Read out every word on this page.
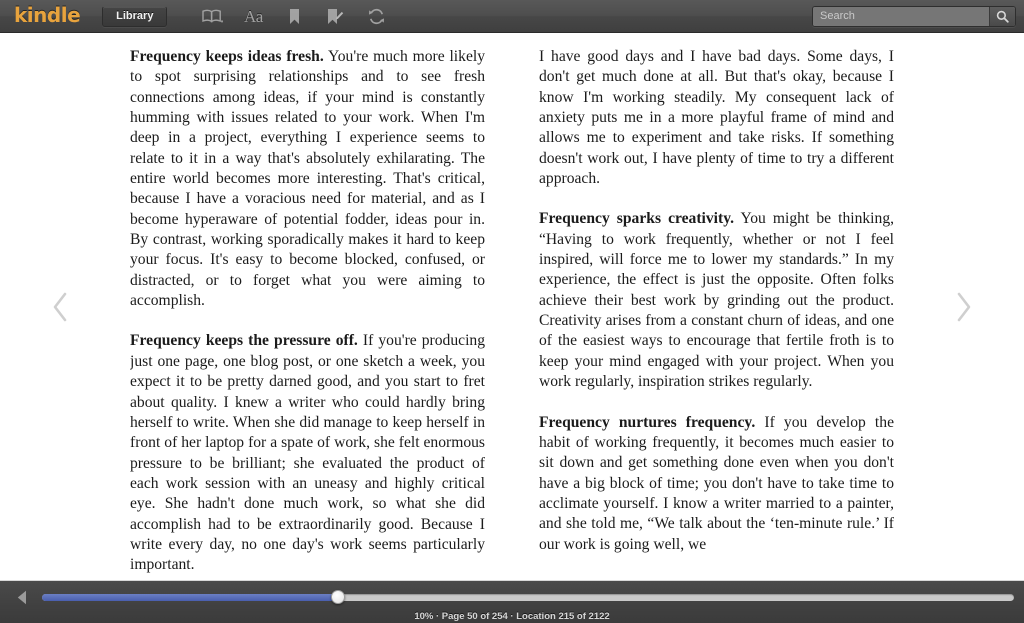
kindle	Library	Aa
Search

Frequency keeps ideas fresh. You're much more likely to spot surprising relationships and to see fresh connections among ideas, if your mind is constantly humming with issues related to your work. When I'm deep in a project, everything I experience seems to relate to it in a way that's absolutely exhilarating. The entire world becomes more interesting. That's critical, because I have a voracious need for material, and as I become hyperaware of potential fodder, ideas pour in. By contrast, working sporadically makes it hard to keep your focus. It's easy to become blocked, confused, or distracted, or to forget what you were aiming to accomplish.

Frequency keeps the pressure off. If you're producing just one page, one blog post, or one sketch a week, you expect it to be pretty darned good, and you start to fret about quality. I knew a writer who could hardly bring herself to write. When she did manage to keep herself in front of her laptop for a spate of work, she felt enormous pressure to be brilliant; she evaluated the product of each work session with an uneasy and highly critical eye. She hadn't done much work, so what she did accomplish had to be extraordinarily good. Because I write every day, no one day's work seems particularly important.

I have good days and I have bad days. Some days, I don't get much done at all. But that's okay, because I know I'm working steadily. My consequent lack of anxiety puts me in a more playful frame of mind and allows me to experiment and take risks. If something doesn't work out, I have plenty of time to try a different approach.

Frequency sparks creativity. You might be thinking, “Having to work frequently, whether or not I feel inspired, will force me to lower my standards.” In my experience, the effect is just the opposite. Often folks achieve their best work by grinding out the product. Creativity arises from a constant churn of ideas, and one of the easiest ways to encourage that fertile froth is to keep your mind engaged with your project. When you work regularly, inspiration strikes regularly.

Frequency nurtures frequency. If you develop the habit of working frequently, it becomes much easier to sit down and get something done even when you don't have a big block of time; you don't have to take time to acclimate yourself. I know a writer married to a painter, and she told me, “We talk about the ‘ten-minute rule.’ If our work is going well, we

10% · Page 50 of 254 · Location 215 of 2122
